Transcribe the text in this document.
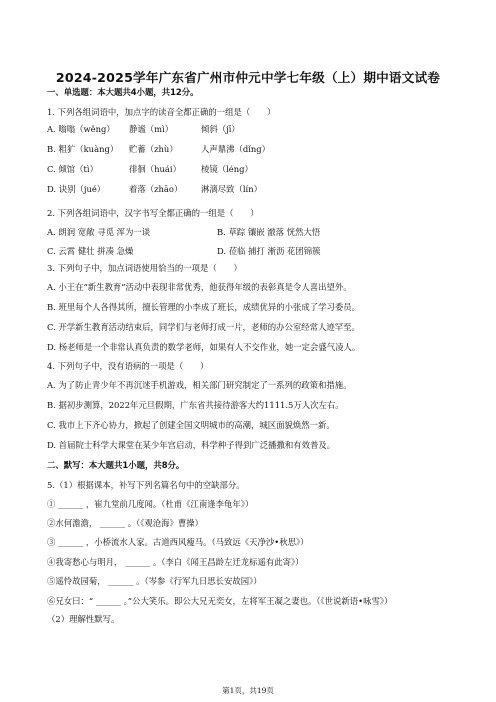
2024-2025学年广东省广州市仲元中学七年级（上）期中语文试卷
一、单选题：本大题共4小题，共12分。
1. 下列各组词语中，加点字的读音全都正确的一组是（　　）
A. 嗡嗡（wěng） 静谧（mì）	倾斜（jī）
B. 粗犷（kuàng） 贮蓄（zhù）	人声鼎沸（dǐng）
C. 倾馆（tì）	徘徊（huái） 棱镜（léng）
D. 诀别（jué）	着落（zhāo） 淋漓尽致（lín）
2. 下列各组词语中，汉字书写全都正确的一组是（　　）
A. 朗润 宽敞 寻觅 浑为一谈	B. 草踪 镶嵌 澈落 恍然大悟
C. 云霄 健壮 拼凑 急燥	D. 莅临 捕打 淅沥 花团锦簇
3. 下列句子中，加点词语使用恰当的一项是（　　）
A. 小王在“新生教育”活动中表现非常优秀，他获得年级的表彰真是令人喜出望外。
B. 班里每个人各得其所，擅长管理的小李成了班长，成绩优异的小张成了学习委员。
C. 开学新生教育活动结束后，同学们与老师打成一片，老师的办公室经常人迹罕至。
D. 杨老师是一个非常认真负责的数学老师，如果有人不交作业，她一定会盛气凌人。
4. 下列句子中，没有语病的一项是（　　）
A. 为了防止青少年不再沉迷手机游戏，相关部门研究制定了一系列的政策和措施。
B. 据初步测算，2022年元旦假期，广东省共接待游客大约1111.5万人次左右。
C. 我市上下齐心协力，掀起了创建全国文明城市的高潮，城区面貌焕然一新。
D. 首届院士科学大课堂在某少年宫启动，科学种子得到广泛播撒和有效普及。
二、默写：本大题共1小题，共8分。
5.（1）根据课本，补写下列名篇名句中的空缺部分。
① ______ ，崔九堂前几度闻。（杜甫《江南逢李龟年》）
②水何澹澹， ______ 。（《观沧海》曹操）
③ ______ ，小桥流水人家。古道西风瘦马。（马致远《天净沙•秋思》）
④我寄愁心与明月， ______ 。（李白《闻王昌龄左迁龙标遥有此寄》）
⑤遥怜故园菊， ______ 。（岑参《行军九日思长安故园》）
⑥兄女曰：“ ______ 。”公大笑乐。即公大兄无奕女，左将军王凝之妻也。（《世说新语•咏雪》）
（2）理解性默写。
第1页，共19页
